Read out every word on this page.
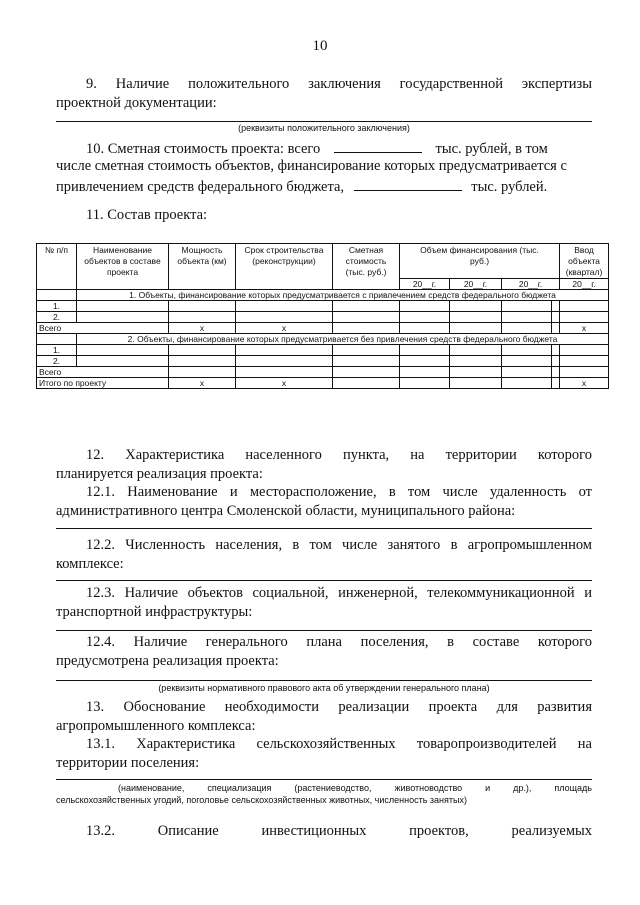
10
9. Наличие положительного заключения государственной экспертизы
проектной документации:
(реквизиты положительного заключения)
10. Сметная стоимость проекта: всего	тыс. рублей, в том
числе сметная стоимость объектов, финансирование которых предусматривается с
привлечением средств федерального бюджета,	тыс. рублей.
11. Состав проекта:
№ п/п	Наименование объектов в составе проекта	Мощность объекта (км)	Срок строительства (реконструкции)	Сметная стоимость (тыс. руб.)	Объем финансирования (тыс. руб.)				Ввод объекта (квартал)
					20__г.	20__г.	20__г.		20__г.
	1. Объекты, финансирование которых предусматривается с привлечением средств федерального бюджета								
1.									
2.									
Всего		x	x						x
	2. Объекты, финансирование которых предусматривается без привлечения средств федерального бюджета								
1.									
2.									
Всего									
Итого по проекту		x	x						x
12. Характеристика населенного пункта, на территории которого
планируется реализация проекта:
12.1. Наименование и месторасположение, в том числе удаленность от
административного центра Смоленской области, муниципального района:
12.2. Численность населения, в том числе занятого в агропромышленном
комплексе:
12.3. Наличие объектов социальной, инженерной, телекоммуникационной и
транспортной инфраструктуры:
12.4. Наличие генерального плана поселения, в составе которого
предусмотрена реализация проекта:
(реквизиты нормативного правового акта об утверждении генерального плана)
13. Обоснование необходимости реализации проекта для развития
агропромышленного комплекса:
13.1. Характеристика сельскохозяйственных товаропроизводителей на
территории поселения:
(наименование, специализация (растениеводство, животноводство и др.), площадь
сельскохозяйственных угодий, поголовье сельскохозяйственных животных, численность занятых)
13.2. Описание инвестиционных проектов, реализуемых
